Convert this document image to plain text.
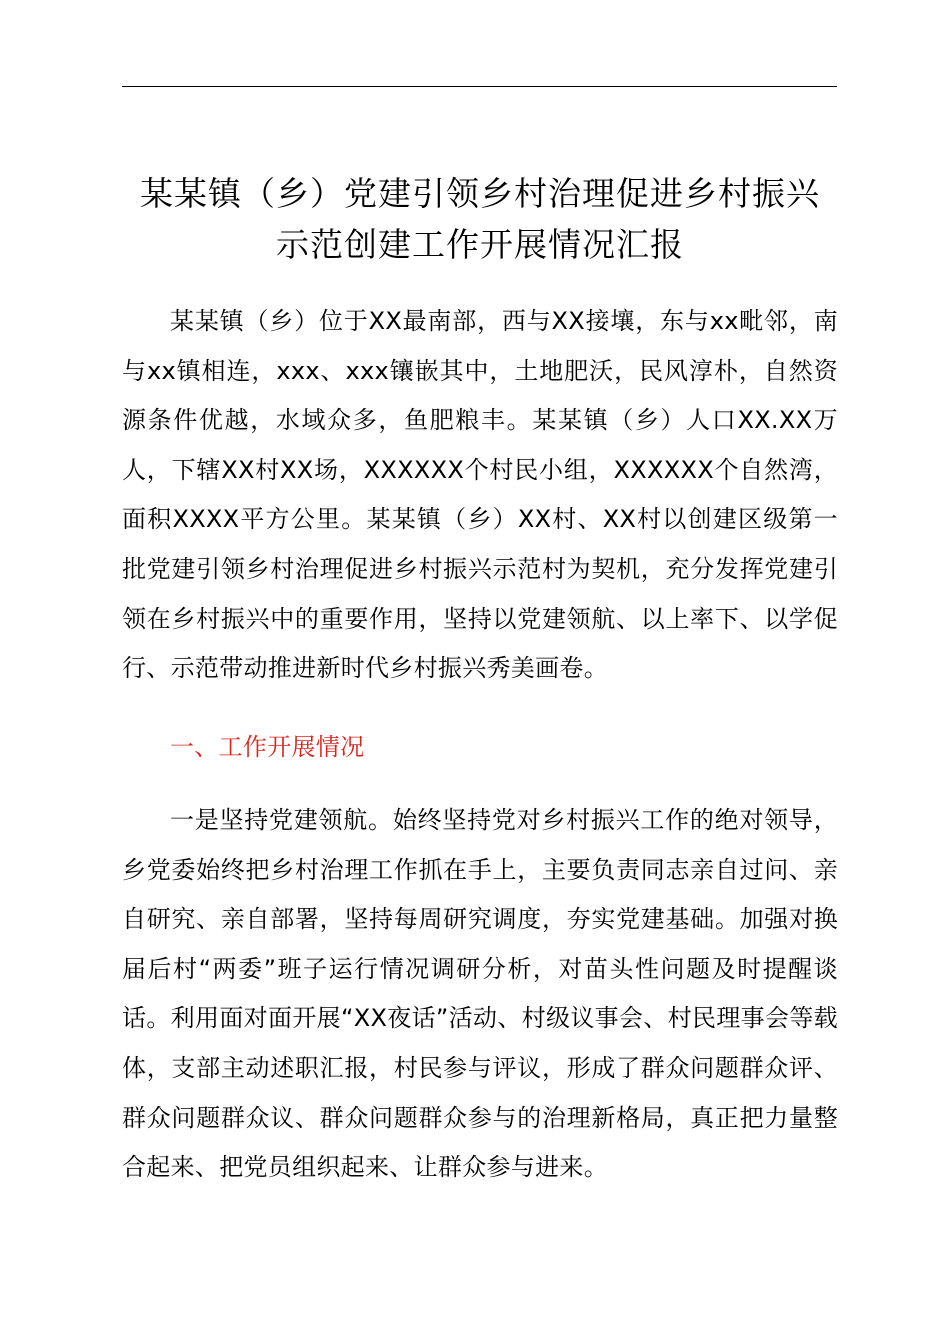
某某镇（乡）党建引领乡村治理促进乡村振兴
示范创建工作开展情况汇报

某某镇（乡）位于XX最南部，西与XX接壤，东与xx毗邻，南与xx镇相连，xxx、xxx镶嵌其中，土地肥沃，民风淳朴，自然资源条件优越，水域众多，鱼肥粮丰。某某镇（乡）人口XX.XX万人，下辖XX村XX场，XXXXXX个村民小组，XXXXXX个自然湾，面积XXXX平方公里。某某镇（乡）XX村、XX村以创建区级第一批党建引领乡村治理促进乡村振兴示范村为契机，充分发挥党建引领在乡村振兴中的重要作用，坚持以党建领航、以上率下、以学促行、示范带动推进新时代乡村振兴秀美画卷。

一、工作开展情况

一是坚持党建领航。始终坚持党对乡村振兴工作的绝对领导，乡党委始终把乡村治理工作抓在手上，主要负责同志亲自过问、亲自研究、亲自部署，坚持每周研究调度，夯实党建基础。加强对换届后村“两委”班子运行情况调研分析，对苗头性问题及时提醒谈话。利用面对面开展“XX夜话”活动、村级议事会、村民理事会等载体，支部主动述职汇报，村民参与评议，形成了群众问题群众评、群众问题群众议、群众问题群众参与的治理新格局，真正把力量整合起来、把党员组织起来、让群众参与进来。
